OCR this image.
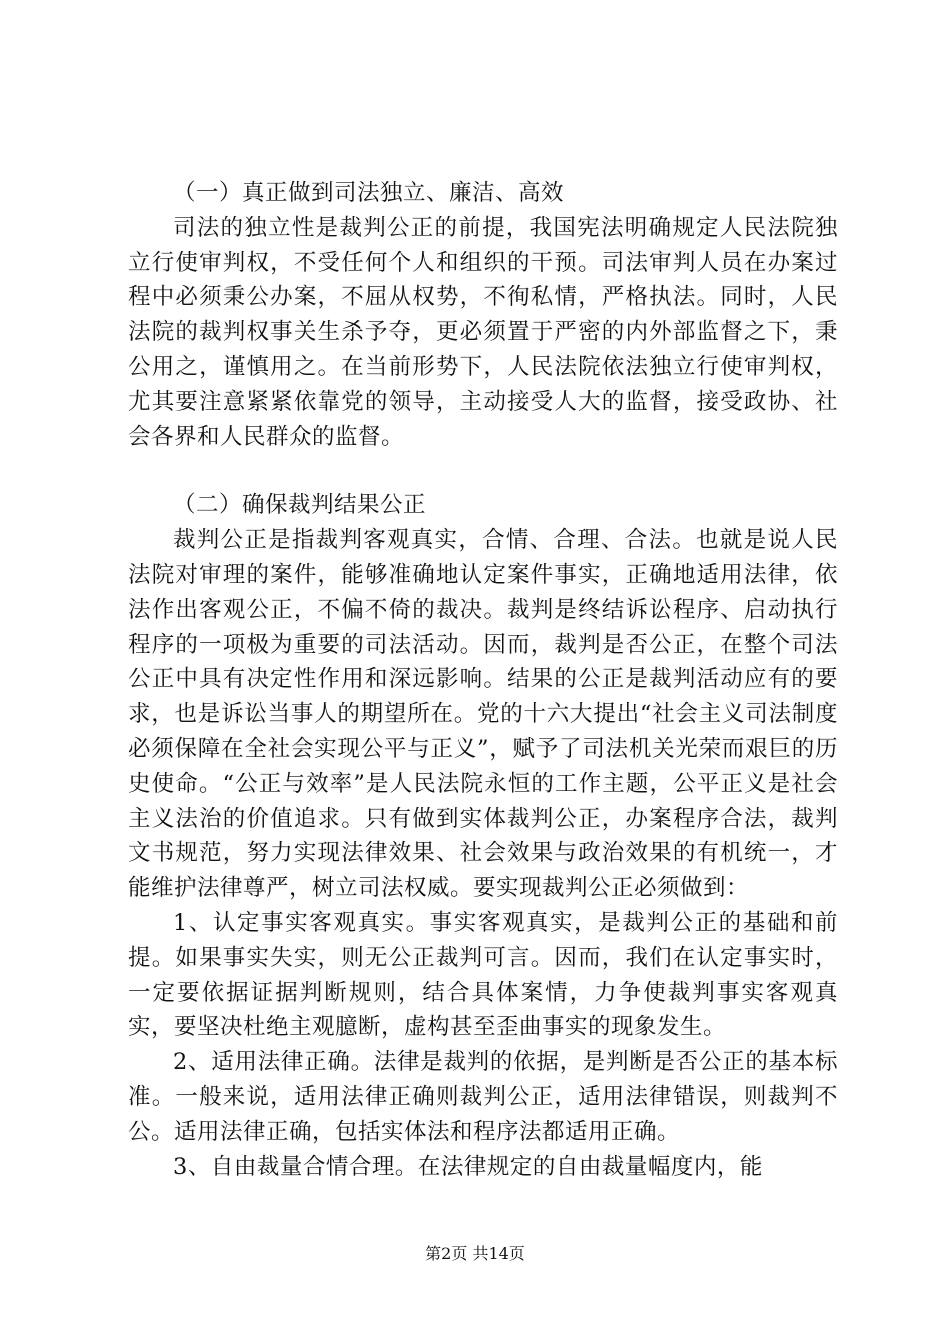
（一）真正做到司法独立、廉洁、高效

司法的独立性是裁判公正的前提，我国宪法明确规定人民法院独立行使审判权，不受任何个人和组织的干预。司法审判人员在办案过程中必须秉公办案，不屈从权势，不徇私情，严格执法。同时，人民法院的裁判权事关生杀予夺，更必须置于严密的内外部监督之下，秉公用之，谨慎用之。在当前形势下，人民法院依法独立行使审判权，尤其要注意紧紧依靠党的领导，主动接受人大的监督，接受政协、社会各界和人民群众的监督。

（二）确保裁判结果公正

裁判公正是指裁判客观真实，合情、合理、合法。也就是说人民法院对审理的案件，能够准确地认定案件事实，正确地适用法律，依法作出客观公正，不偏不倚的裁决。裁判是终结诉讼程序、启动执行程序的一项极为重要的司法活动。因而，裁判是否公正，在整个司法公正中具有决定性作用和深远影响。结果的公正是裁判活动应有的要求，也是诉讼当事人的期望所在。党的十六大提出“社会主义司法制度必须保障在全社会实现公平与正义”，赋予了司法机关光荣而艰巨的历史使命。“公正与效率”是人民法院永恒的工作主题，公平正义是社会主义法治的价值追求。只有做到实体裁判公正，办案程序合法，裁判文书规范，努力实现法律效果、社会效果与政治效果的有机统一，才能维护法律尊严，树立司法权威。要实现裁判公正必须做到：

1、认定事实客观真实。事实客观真实，是裁判公正的基础和前提。如果事实失实，则无公正裁判可言。因而，我们在认定事实时，一定要依据证据判断规则，结合具体案情，力争使裁判事实客观真实，要坚决杜绝主观臆断，虚构甚至歪曲事实的现象发生。

2、适用法律正确。法律是裁判的依据，是判断是否公正的基本标准。一般来说，适用法律正确则裁判公正，适用法律错误，则裁判不公。适用法律正确，包括实体法和程序法都适用正确。

3、自由裁量合情合理。在法律规定的自由裁量幅度内，能

第2页 共14页
